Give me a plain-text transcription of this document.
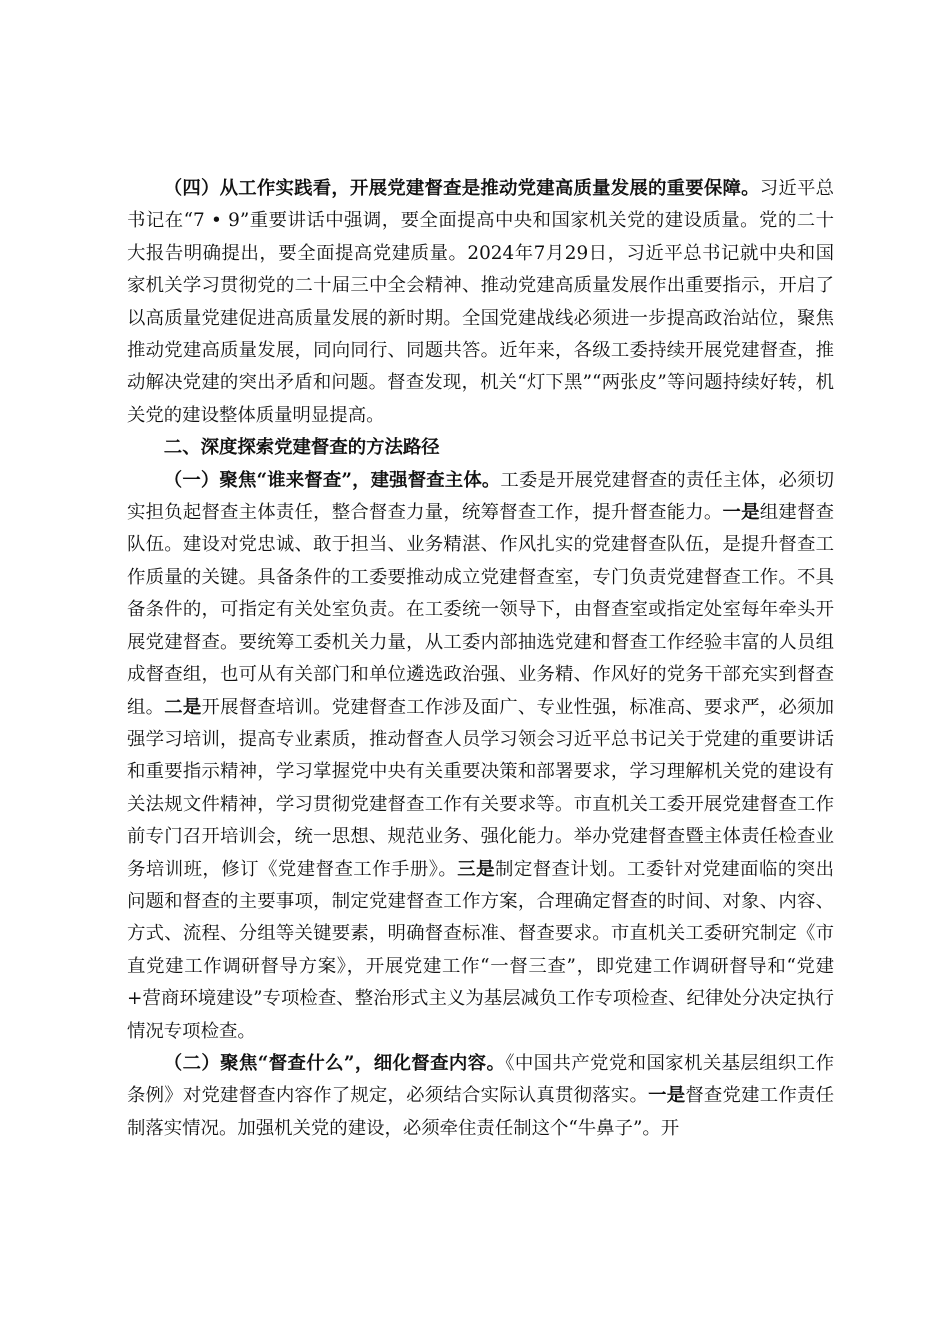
（四）从工作实践看，开展党建督查是推动党建高质量发展的重要保障。习近平总书记在“7 • 9”重要讲话中强调，要全面提高中央和国家机关党的建设质量。党的二十大报告明确提出，要全面提高党建质量。2024年7月29日，习近平总书记就中央和国家机关学习贯彻党的二十届三中全会精神、推动党建高质量发展作出重要指示，开启了以高质量党建促进高质量发展的新时期。全国党建战线必须进一步提高政治站位，聚焦推动党建高质量发展，同向同行、同题共答。近年来，各级工委持续开展党建督查，推动解决党建的突出矛盾和问题。督查发现，机关“灯下黑”“两张皮”等问题持续好转，机关党的建设整体质量明显提高。

二、深度探索党建督查的方法路径

（一）聚焦“谁来督查”，建强督查主体。工委是开展党建督查的责任主体，必须切实担负起督查主体责任，整合督查力量，统筹督查工作，提升督查能力。一是组建督查队伍。建设对党忠诚、敢于担当、业务精湛、作风扎实的党建督查队伍，是提升督查工作质量的关键。具备条件的工委要推动成立党建督查室，专门负责党建督查工作。不具备条件的，可指定有关处室负责。在工委统一领导下，由督查室或指定处室每年牵头开展党建督查。要统筹工委机关力量，从工委内部抽选党建和督查工作经验丰富的人员组成督查组，也可从有关部门和单位遴选政治强、业务精、作风好的党务干部充实到督查组。二是开展督查培训。党建督查工作涉及面广、专业性强，标准高、要求严，必须加强学习培训，提高专业素质，推动督查人员学习领会习近平总书记关于党建的重要讲话和重要指示精神，学习掌握党中央有关重要决策和部署要求，学习理解机关党的建设有关法规文件精神，学习贯彻党建督查工作有关要求等。市直机关工委开展党建督查工作前专门召开培训会，统一思想、规范业务、强化能力。举办党建督查暨主体责任检查业务培训班，修订《党建督查工作手册》。三是制定督查计划。工委针对党建面临的突出问题和督查的主要事项，制定党建督查工作方案，合理确定督查的时间、对象、内容、方式、流程、分组等关键要素，明确督查标准、督查要求。市直机关工委研究制定《市直党建工作调研督导方案》，开展党建工作“一督三查”，即党建工作调研督导和“党建+营商环境建设”专项检查、整治形式主义为基层减负工作专项检查、纪律处分决定执行情况专项检查。

（二）聚焦“督查什么”，细化督查内容。《中国共产党党和国家机关基层组织工作条例》对党建督查内容作了规定，必须结合实际认真贯彻落实。一是督查党建工作责任制落实情况。加强机关党的建设，必须牵住责任制这个“牛鼻子”。开
